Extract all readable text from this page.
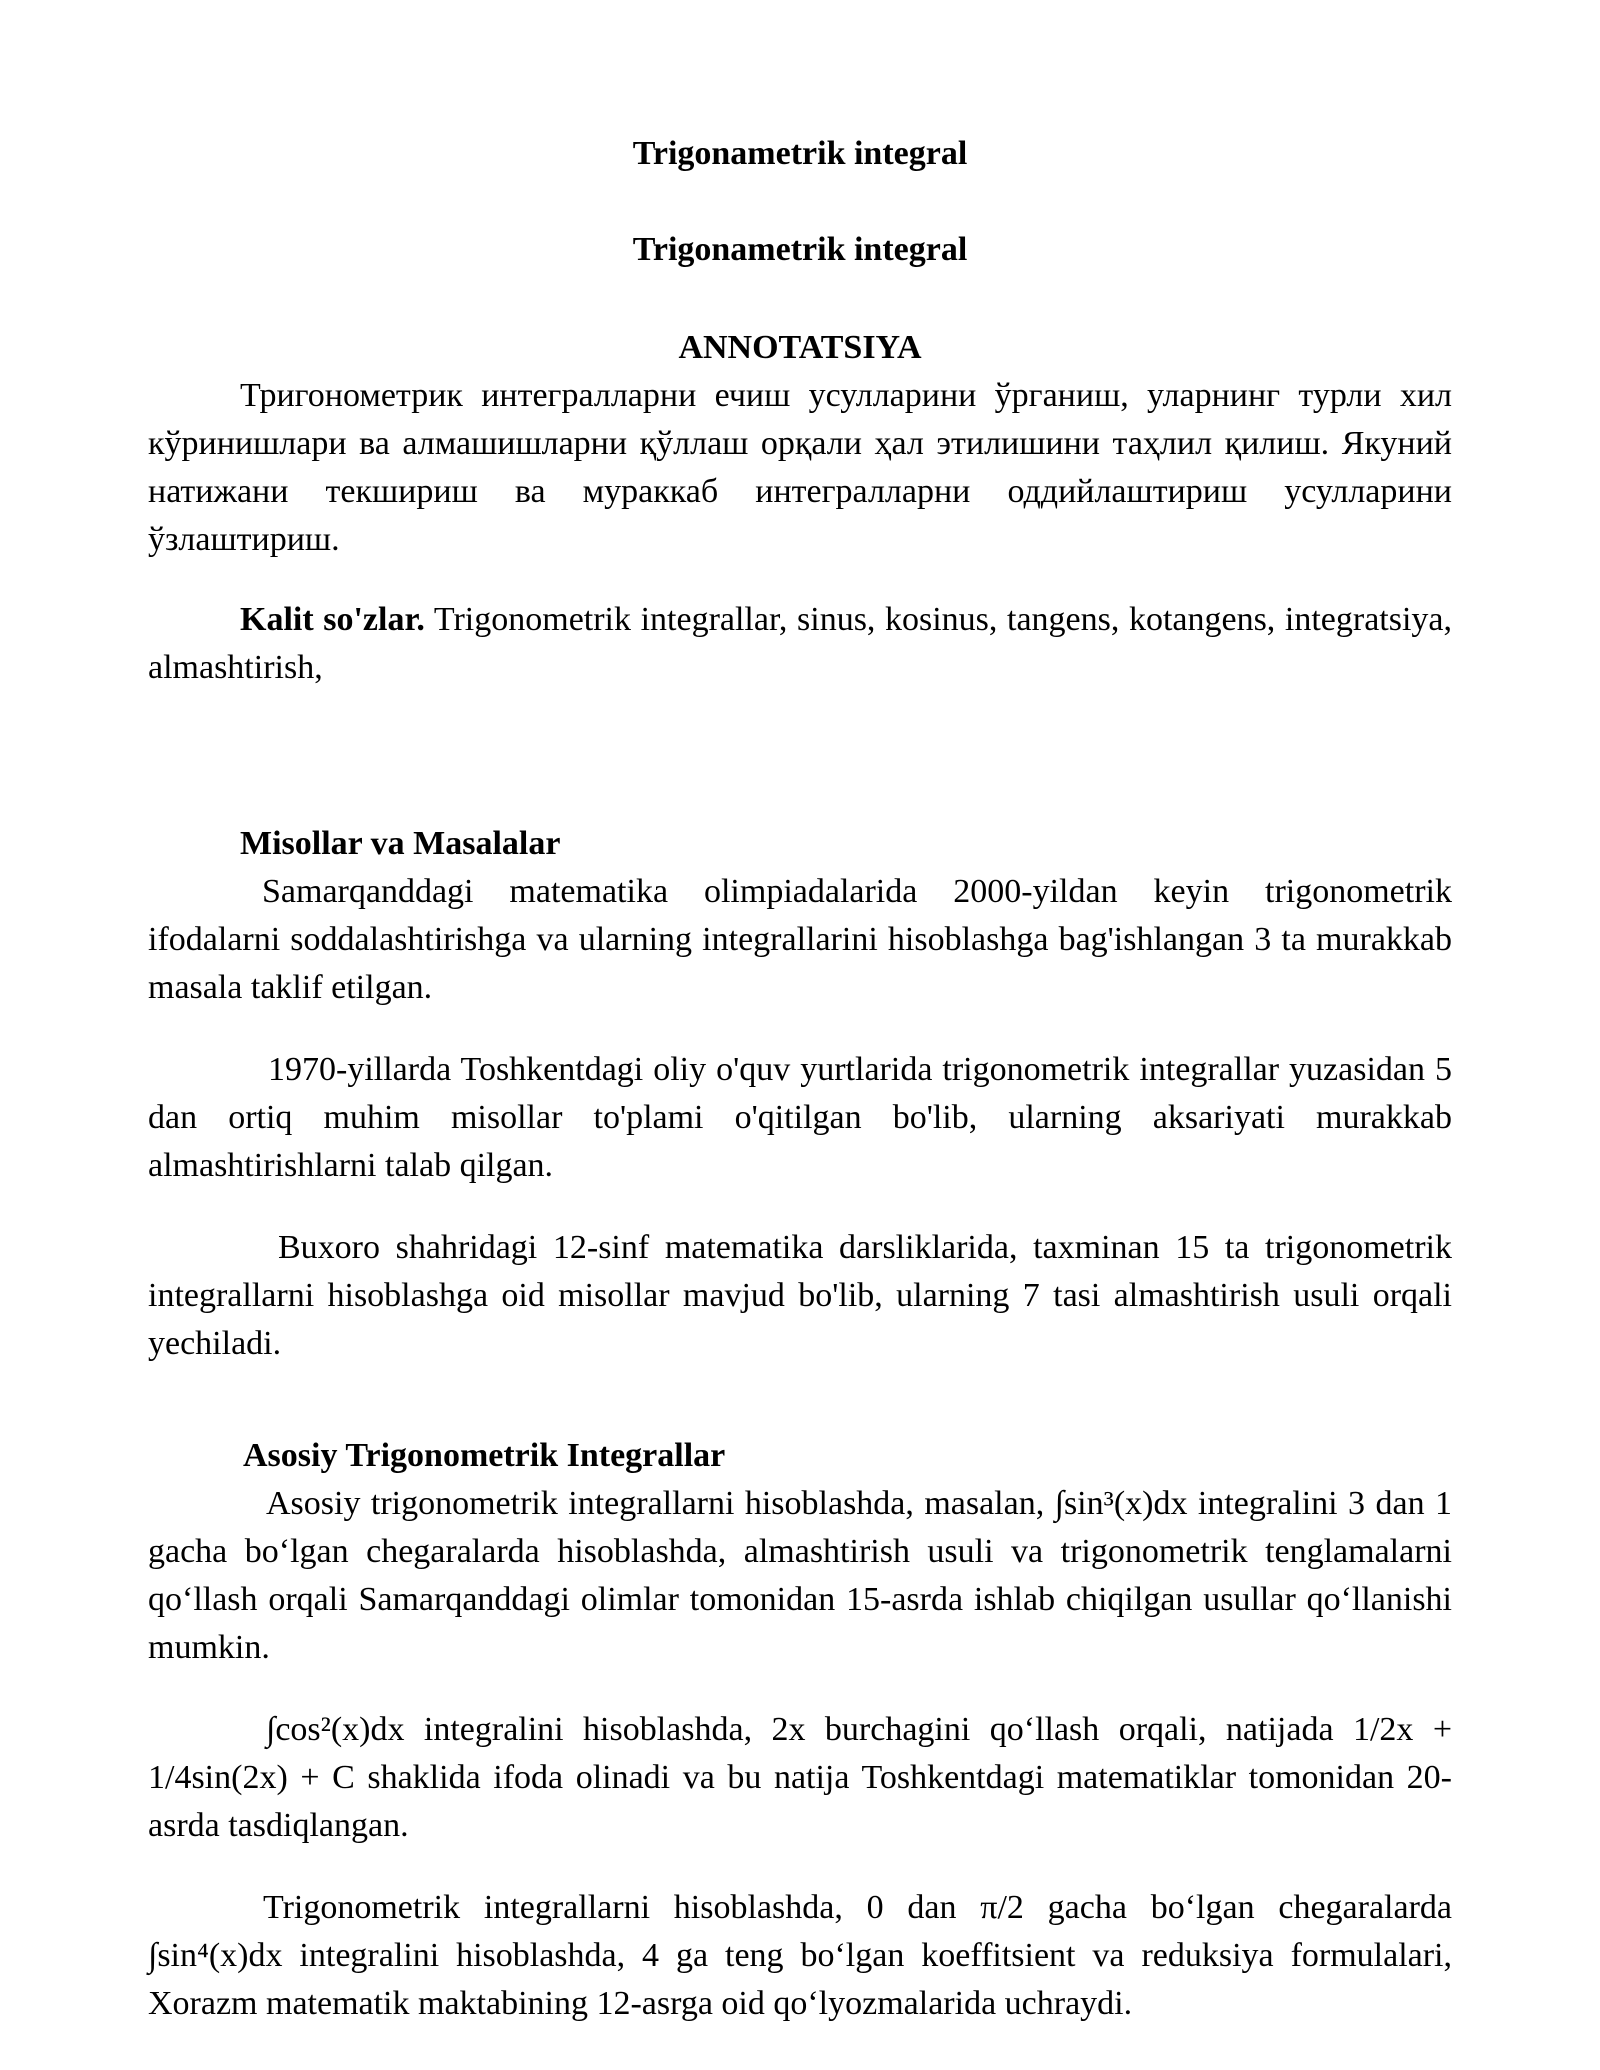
Trigonametrik integral
Trigonametrik integral
ANNOTATSIYA

Тригонометрик интегралларни ечиш усулларини ўрганиш, уларнинг турли хил кўринишлари ва алмашишларни қўллаш орқали ҳал этилишини таҳлил қилиш. Якуний натижани текшириш ва мураккаб интегралларни оддийлаштириш усулларини ўзлаштириш.

Kalit so'zlar. Trigonometrik integrallar, sinus, kosinus, tangens, kotangens, integratsiya, almashtirish,

Misollar va Masalalar

Samarqanddagi matematika olimpiadalarida 2000-yildan keyin trigonometrik ifodalarni soddalashtirishga va ularning integrallarini hisoblashga bag'ishlangan 3 ta murakkab masala taklif etilgan.

1970-yillarda Toshkentdagi oliy o'quv yurtlarida trigonometrik integrallar yuzasidan 5 dan ortiq muhim misollar to'plami o'qitilgan bo'lib, ularning aksariyati murakkab almashtirishlarni talab qilgan.

Buxoro shahridagi 12-sinf matematika darsliklarida, taxminan 15 ta trigonometrik integrallarni hisoblashga oid misollar mavjud bo'lib, ularning 7 tasi almashtirish usuli orqali yechiladi.

Asosiy Trigonometrik Integrallar

Asosiy trigonometrik integrallarni hisoblashda, masalan, ∫sin³(x)dx integralini 3 dan 1 gacha bo‘lgan chegaralarda hisoblashda, almashtirish usuli va trigonometrik tenglamalarni qo‘llash orqali Samarqanddagi olimlar tomonidan 15-asrda ishlab chiqilgan usullar qo‘llanishi mumkin.

∫cos²(x)dx integralini hisoblashda, 2x burchagini qo‘llash orqali, natijada 1/2x + 1/4sin(2x) + C shaklida ifoda olinadi va bu natija Toshkentdagi matematiklar tomonidan 20-asrda tasdiqlangan.

Trigonometrik integrallarni hisoblashda, 0 dan π/2 gacha bo‘lgan chegaralarda ∫sin⁴(x)dx integralini hisoblashda, 4 ga teng bo‘lgan koeffitsient va reduksiya formulalari, Xorazm matematik maktabining 12-asrga oid qo‘lyozmalarida uchraydi.
